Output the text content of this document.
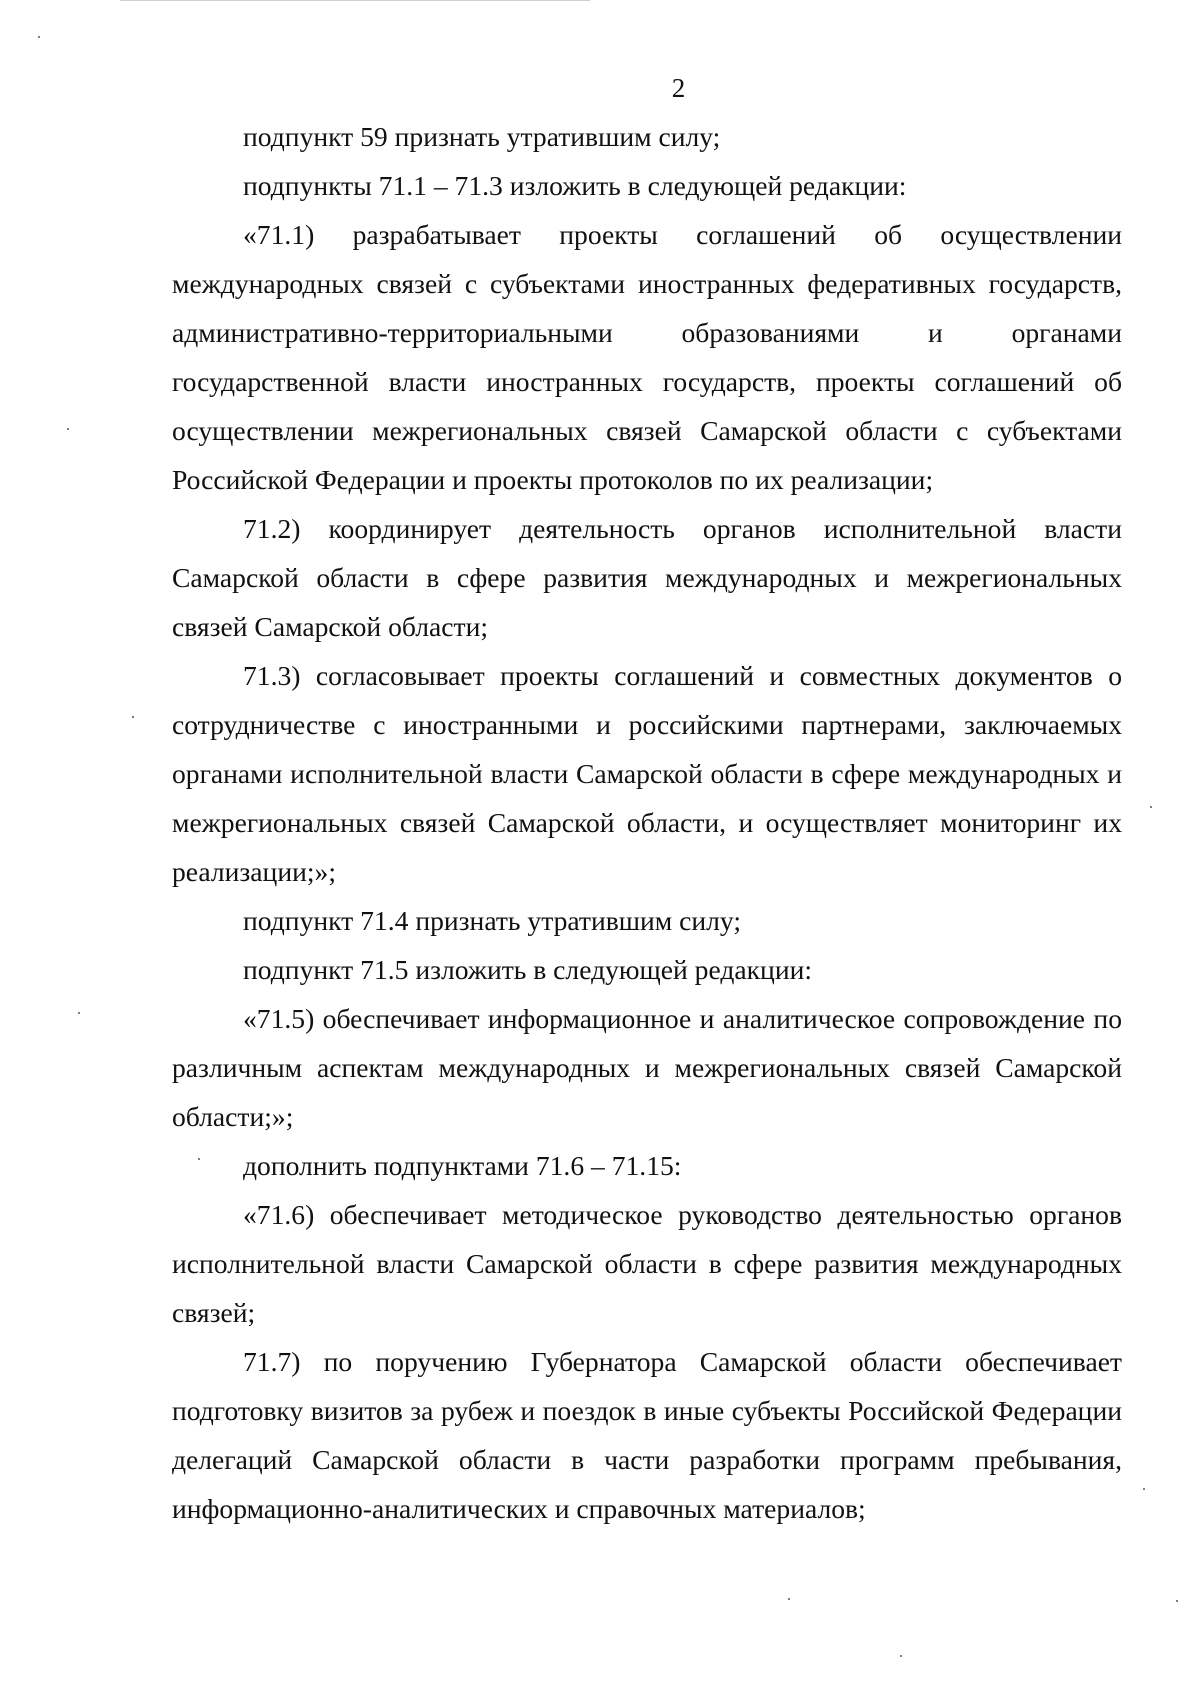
2

подпункт 59 признать утратившим силу;

подпункты 71.1 – 71.3 изложить в следующей редакции:

«71.1) разрабатывает проекты соглашений об осуществлении международных связей с субъектами иностранных федеративных государств, административно-территориальными образованиями и органами государственной власти иностранных государств, проекты соглашений об осуществлении межрегиональных связей Самарской области с субъектами Российской Федерации и проекты протоколов по их реализации;

71.2) координирует деятельность органов исполнительной власти Самарской области в сфере развития международных и межрегиональных связей Самарской области;

71.3) согласовывает проекты соглашений и совместных документов о сотрудничестве с иностранными и российскими партнерами, заключаемых органами исполнительной власти Самарской области в сфере международных и межрегиональных связей Самарской области, и осуществляет мониторинг их реализации;»;

подпункт 71.4 признать утратившим силу;

подпункт 71.5 изложить в следующей редакции:

«71.5) обеспечивает информационное и аналитическое сопровождение по различным аспектам международных и межрегиональных связей Самарской области;»;

дополнить подпунктами 71.6 – 71.15:

«71.6) обеспечивает методическое руководство деятельностью органов исполнительной власти Самарской области в сфере развития международных связей;

71.7) по поручению Губернатора Самарской области обеспечивает подготовку визитов за рубеж и поездок в иные субъекты Российской Федерации делегаций Самарской области в части разработки программ пребывания, информационно-аналитических и справочных материалов;
